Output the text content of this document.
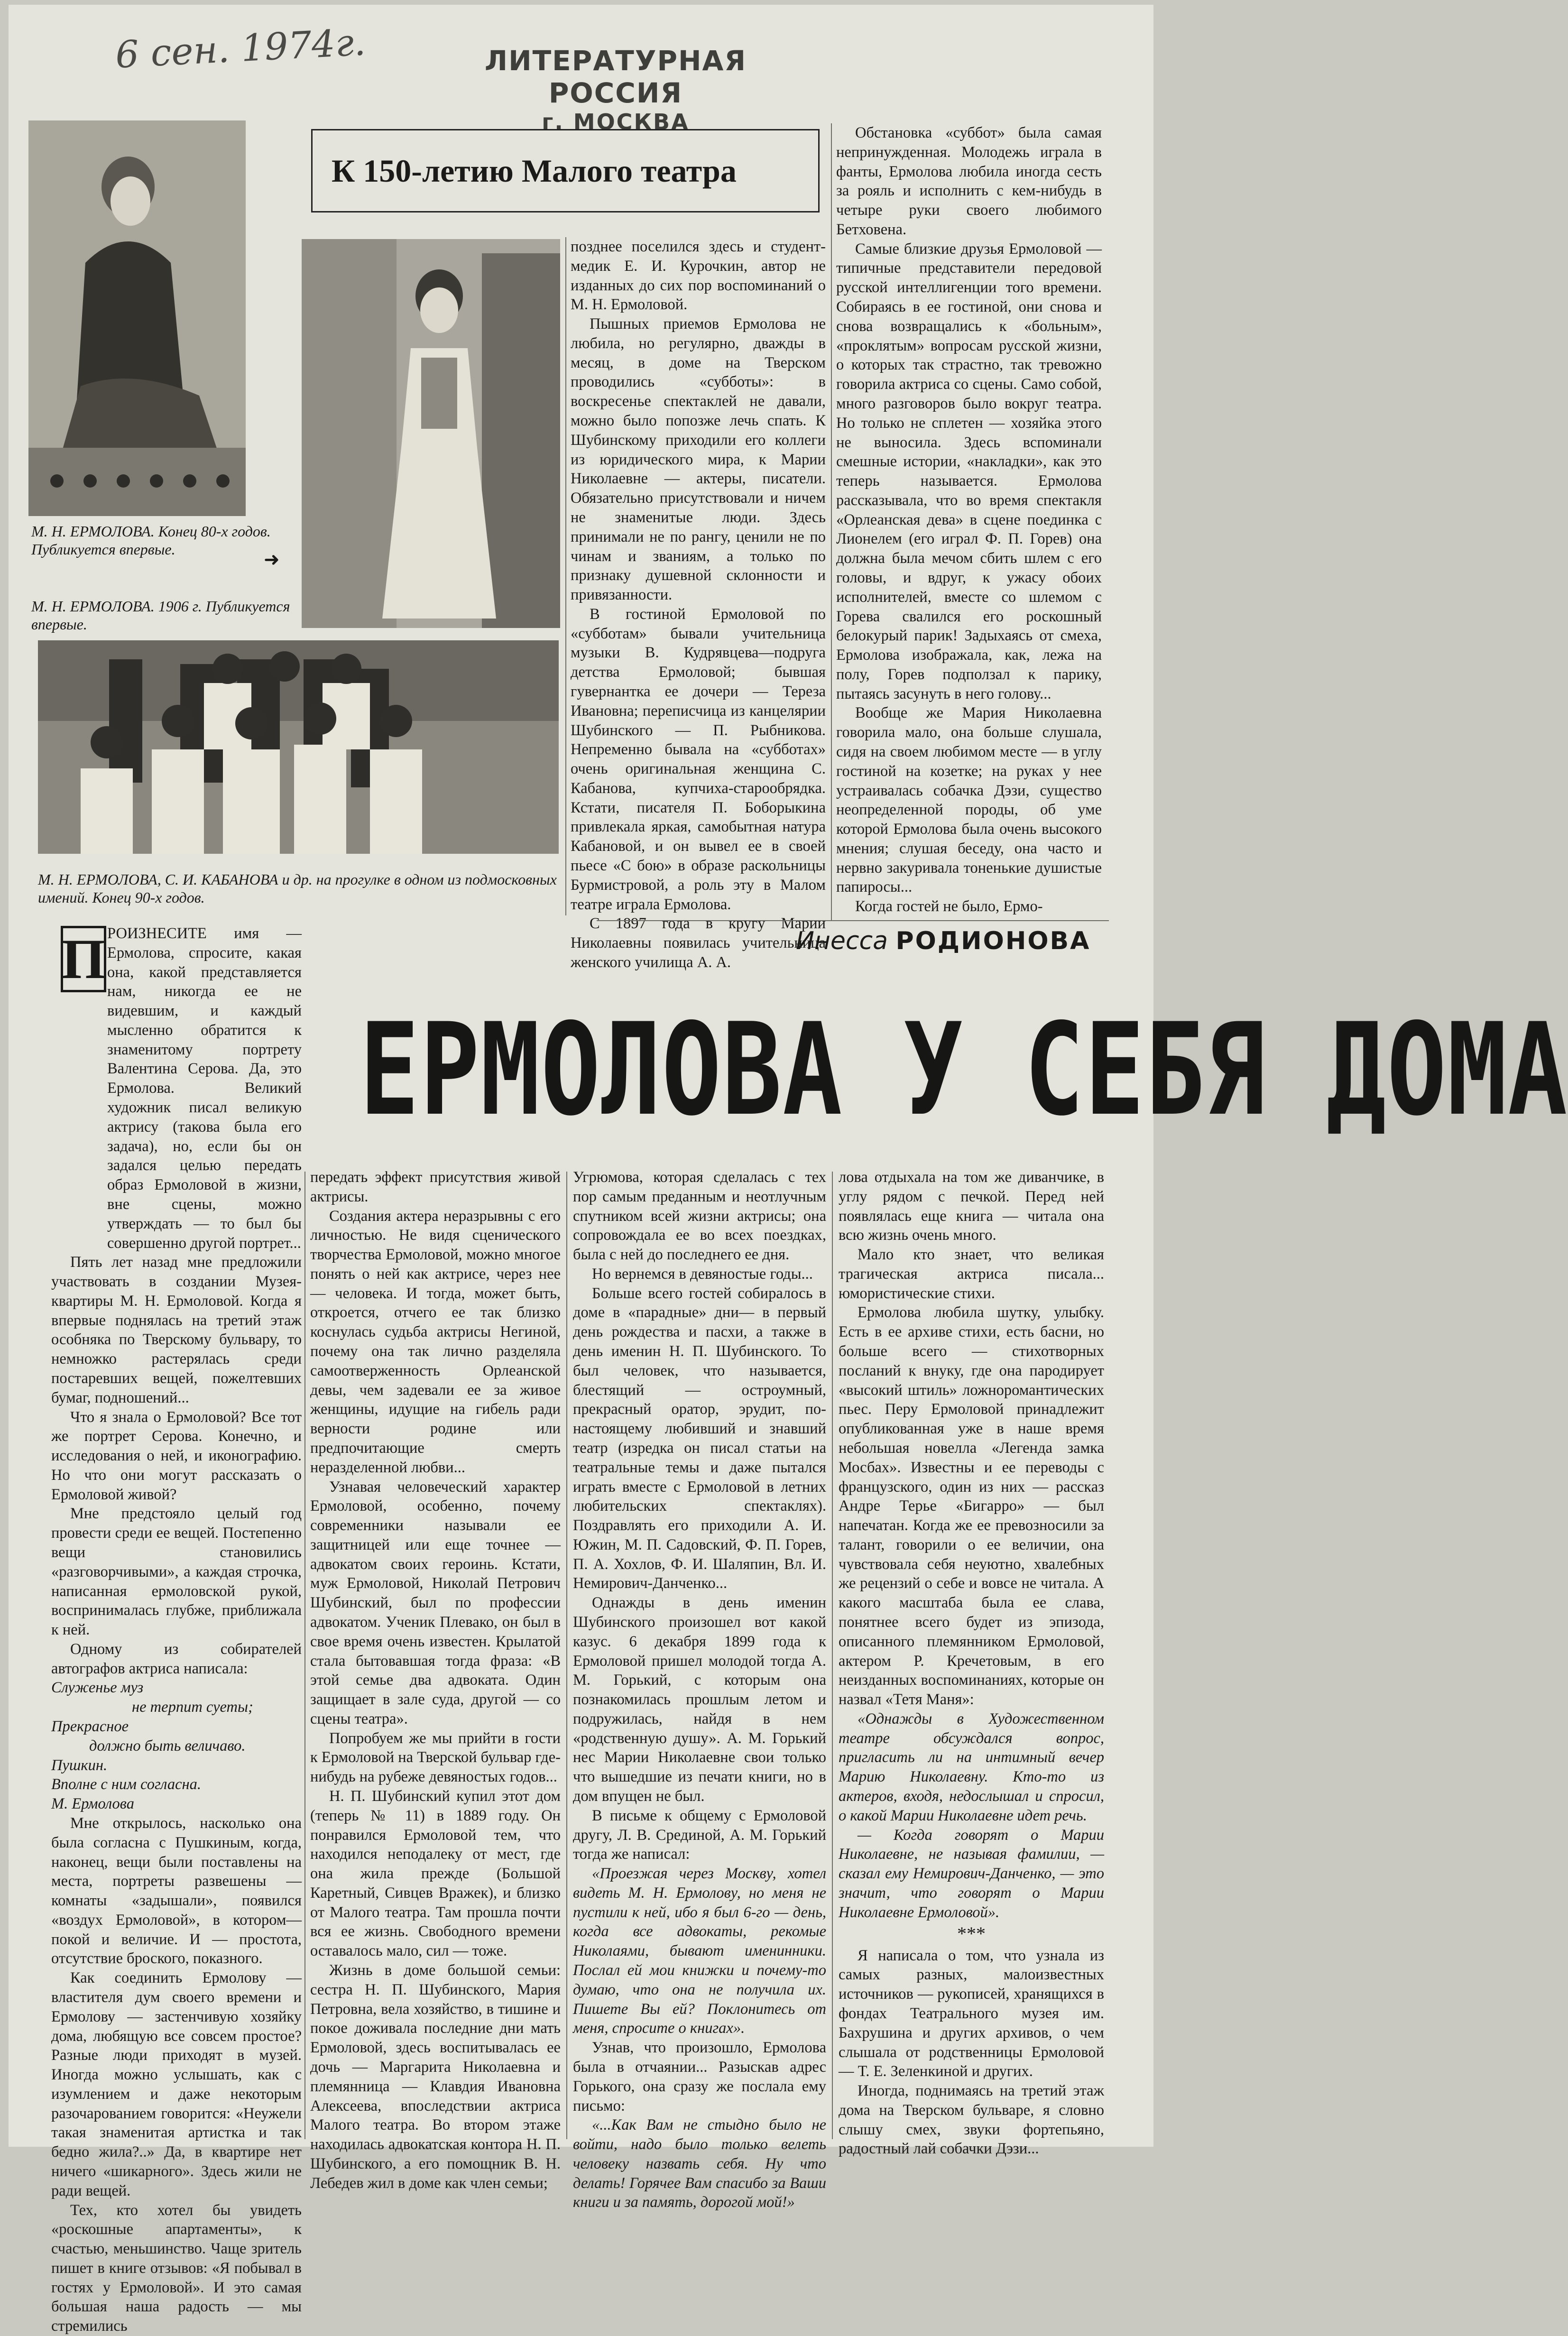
6 сен. 1974г.	ЛИТЕРАТУРНАЯ РОССИЯ
г. МОСКВА
М. Н. ЕРМОЛОВА. Конец 80-х годов. Публикуется впервые.	➜
М. Н. ЕРМОЛОВА. 1906 г. Публикуется впервые.
М. Н. ЕРМОЛОВА, С. И. КАБАНОВА и др. на прогулке в одном из подмосковных имений. Конец 90-х годов.
К 150-летию Малого театра

позднее поселился здесь и студент-медик Е. И. Курочкин, автор не изданных до сих пор воспоминаний о М. Н. Ермоловой.

Пышных приемов Ермолова не любила, но регулярно, дважды в месяц, в доме на Тверском проводились «субботы»: в воскресенье спектаклей не давали, можно было попозже лечь спать. К Шубинскому приходили его коллеги из юридического мира, к Марии Николаевне — актеры, писатели. Обязательно присутствовали и ничем не знаменитые люди. Здесь принимали не по рангу, ценили не по чинам и званиям, а только по признаку душевной склонности и привязанности.

В гостиной Ермоловой по «субботам» бывали учительница музыки В. Кудрявцева—подруга детства Ермоловой; бывшая гувернантка ее дочери — Тереза Ивановна; переписчица из канцелярии Шубинского — П. Рыбникова. Непременно бывала на «субботах» очень оригинальная женщина С. Кабанова, купчиха-старообрядка. Кстати, писателя П. Боборыкина привлекала яркая, самобытная натура Кабановой, и он вывел ее в своей пьесе «С бою» в образе раскольницы Бурмистровой, а роль эту в Малом театре играла Ермолова.

С 1897 года в кругу Марии Николаевны появилась учительница женского училища А. А.

Обстановка «суббот» была самая непринужденная. Молодежь играла в фанты, Ермолова любила иногда сесть за рояль и исполнить с кем-нибудь в четыре руки своего любимого Бетховена.

Самые близкие друзья Ермоловой — типичные представители передовой русской интеллигенции того времени. Собираясь в ее гостиной, они снова и снова возвращались к «больным», «проклятым» вопросам русской жизни, о которых так страстно, так тревожно говорила актриса со сцены. Само собой, много разговоров было вокруг театра. Но только не сплетен — хозяйка этого не выносила. Здесь вспоминали смешные истории, «накладки», как это теперь называется. Ермолова рассказывала, что во время спектакля «Орлеанская дева» в сцене поединка с Лионелем (его играл Ф. П. Горев) она должна была мечом сбить шлем с его головы, и вдруг, к ужасу обоих исполнителей, вместе со шлемом с Горева свалился его роскошный белокурый парик! Задыхаясь от смеха, Ермолова изображала, как, лежа на полу, Горев подползал к парику, пытаясь засунуть в него голову...

Вообще же Мария Николаевна говорила мало, она больше слушала, сидя на своем любимом месте — в углу гостиной на козетке; на руках у нее устраивалась собачка Дэзи, существо неопределенной породы, об уме которой Ермолова была очень высокого мнения; слушая беседу, она часто и нервно закуривала тоненькие душистые папиросы...

Когда гостей не было, Ермо-

Инесса РОДИОНОВА
ЕРМОЛОВА У СЕБЯ ДОМА
П РОИЗНЕСИТЕ имя — Ермолова, спросите, какая она, какой представляется нам, никогда ее не видевшим, и каждый мысленно обратится к знаменитому портрету Валентина Серова. Да, это Ермолова. Великий художник писал великую актрису (такова была его задача), но, если бы он задался целью передать образ Ермоловой в жизни, вне сцены, можно утверждать — то был бы совершенно другой портрет...

Пять лет назад мне предложили участвовать в создании Музея-квартиры М. Н. Ермоловой. Когда я впервые поднялась на третий этаж особняка по Тверскому бульвару, то немножко растерялась среди постаревших вещей, пожелтевших бумаг, подношений...

Что я знала о Ермоловой? Все тот же портрет Серова. Конечно, и исследования о ней, и иконографию. Но что они могут рассказать о Ермоловой живой?

Мне предстояло целый год провести среди ее вещей. Постепенно вещи становились «разговорчивыми», а каждая строчка, написанная ермоловской рукой, воспринималась глубже, приближала к ней.

Одному из собирателей автографов актриса написала:

Служенье муз
не терпит суеты;
Прекрасное
должно быть величаво.
Пушкин.
Вполне с ним согласна.
М. Ермолова

Мне открылось, насколько она была согласна с Пушкиным, когда, наконец, вещи были поставлены на места, портреты развешены — комнаты «задышали», появился «воздух Ермоловой», в котором—покой и величие. И — простота, отсутствие броского, показного.

Как соединить Ермолову — властителя дум своего времени и Ермолову — застенчивую хозяйку дома, любящую все совсем простое? Разные люди приходят в музей. Иногда можно услышать, как с изумлением и даже некоторым разочарованием говорится: «Неужели такая знаменитая артистка и так бедно жила?..» Да, в квартире нет ничего «шикарного». Здесь жили не ради вещей.

Тех, кто хотел бы увидеть «роскошные апартаменты», к счастью, меньшинство. Чаще зритель пишет в книге отзывов: «Я побывал в гостях у Ермоловой». И это самая большая наша радость — мы стремились

передать эффект присутствия живой актрисы.

Создания актера неразрывны с его личностью. Не видя сценического творчества Ермоловой, можно многое понять о ней как актрисе, через нее — человека. И тогда, может быть, откроется, отчего ее так близко коснулась судьба актрисы Негиной, почему она так лично разделяла самоотверженность Орлеанской девы, чем задевали ее за живое женщины, идущие на гибель ради верности родине или предпочитающие смерть неразделенной любви...

Узнавая человеческий характер Ермоловой, особенно, почему современники называли ее защитницей или еще точнее — адвокатом своих героинь. Кстати, муж Ермоловой, Николай Петрович Шубинский, был по профессии адвокатом. Ученик Плевако, он был в свое время очень известен. Крылатой стала бытовавшая тогда фраза: «В этой семье два адвоката. Один защищает в зале суда, другой — со сцены театра».

Попробуем же мы прийти в гости к Ермоловой на Тверской бульвар где-нибудь на рубеже девяностых годов...

Н. П. Шубинский купил этот дом (теперь № 11) в 1889 году. Он понравился Ермоловой тем, что находился неподалеку от мест, где она жила прежде (Большой Каретный, Сивцев Вражек), и близко от Малого театра. Там прошла почти вся ее жизнь. Свободного времени оставалось мало, сил — тоже.

Жизнь в доме большой семьи: сестра Н. П. Шубинского, Мария Петровна, вела хозяйство, в тишине и покое доживала последние дни мать Ермоловой, здесь воспитывалась ее дочь — Маргарита Николаевна и племянница — Клавдия Ивановна Алексеева, впоследствии актриса Малого театра. Во втором этаже находилась адвокатская контора Н. П. Шубинского, а его помощник В. Н. Лебедев жил в доме как член семьи;

Угрюмова, которая сделалась с тех пор самым преданным и неотлучным спутником всей жизни актрисы; она сопровождала ее во всех поездках, была с ней до последнего ее дня.

Но вернемся в девяностые годы...

Больше всего гостей собиралось в доме в «парадные» дни— в первый день рождества и пасхи, а также в день именин Н. П. Шубинского. То был человек, что называется, блестящий — остроумный, прекрасный оратор, эрудит, по-настоящему любивший и знавший театр (изредка он писал статьи на театральные темы и даже пытался играть вместе с Ермоловой в летних любительских спектаклях). Поздравлять его приходили А. И. Южин, М. П. Садовский, Ф. П. Горев, П. А. Хохлов, Ф. И. Шаляпин, Вл. И. Немирович-Данченко...

Однажды в день именин Шубинского произошел вот какой казус. 6 декабря 1899 года к Ермоловой пришел молодой тогда А. М. Горький, с которым она познакомилась прошлым летом и подружилась, найдя в нем «родственную душу». А. М. Горький нес Марии Николаевне свои только что вышедшие из печати книги, но в дом впущен не был.

В письме к общему с Ермоловой другу, Л. В. Срединой, А. М. Горький тогда же написал:

«Проезжая через Москву, хотел видеть М. Н. Ермолову, но меня не пустили к ней, ибо я был 6-го — день, когда все адвокаты, рекомые Николаями, бывают именинники. Послал ей мои книжки и почему-то думаю, что она не получила их. Пишете Вы ей? Поклонитесь от меня, спросите о книгах».

Узнав, что произошло, Ермолова была в отчаянии... Разыскав адрес Горького, она сразу же послала ему письмо:

«...Как Вам не стыдно было не войти, надо было только велеть человеку назвать себя. Ну что делать! Горячее Вам спасибо за Ваши книги и за память, дорогой мой!»

лова отдыхала на том же диванчике, в углу рядом с печкой. Перед ней появлялась еще книга — читала она всю жизнь очень много.

Мало кто знает, что великая трагическая актриса писала... юмористические стихи.

Ермолова любила шутку, улыбку. Есть в ее архиве стихи, есть басни, но больше всего — стихотворных посланий к внуку, где она пародирует «высокий штиль» ложноромантических пьес. Перу Ермоловой принадлежит опубликованная уже в наше время небольшая новелла «Легенда замка Мосбах». Известны и ее переводы с французского, один из них — рассказ Андре Терье «Бигарро» — был напечатан. Когда же ее превозносили за талант, говорили о ее величии, она чувствовала себя неуютно, хвалебных же рецензий о себе и вовсе не читала. А какого масштаба была ее слава, понятнее всего будет из эпизода, описанного племянником Ермоловой, актером Р. Кречетовым, в его неизданных воспоминаниях, которые он назвал «Тетя Маня»:

«Однажды в Художественном театре обсуждался вопрос, пригласить ли на интимный вечер Марию Николаевну. Кто-то из актеров, входя, недослышал и спросил, о какой Марии Николаевне идет речь.

— Когда говорят о Марии Николаевне, не называя фамилии, — сказал ему Немирович-Данченко, — это значит, что говорят о Марии Николаевне Ермоловой».

***

Я написала о том, что узнала из самых разных, малоизвестных источников — рукописей, хранящихся в фондах Театрального музея им. Бахрушина и других архивов, о чем слышала от родственницы Ермоловой — Т. Е. Зеленкиной и других.

Иногда, поднимаясь на третий этаж дома на Тверском бульваре, я словно слышу смех, звуки фортепьяно, радостный лай собачки Дэзи...
